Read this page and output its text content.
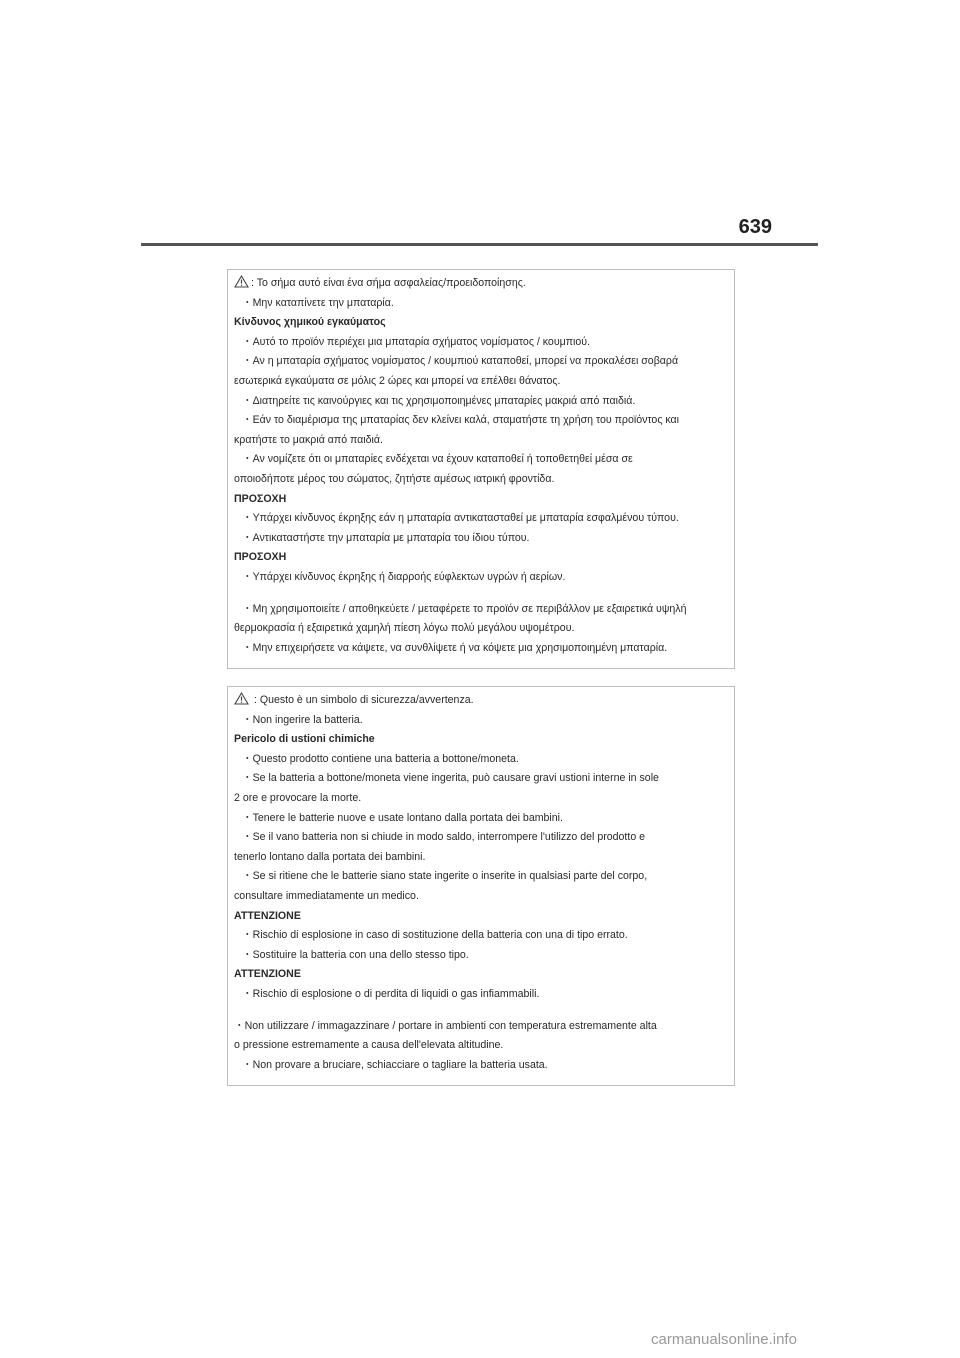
639
: Το σήμα αυτό είναι ένα σήμα ασφαλείας/προειδοποίησης.
・Μην καταπίνετε την μπαταρία.
Κίνδυνος χημικού εγκαύματος
・Αυτό το προϊόν περιέχει μια μπαταρία σχήματος νομίσματος / κουμπιού.
・Αν η μπαταρία σχήματος νομίσματος / κουμπιού καταποθεί, μπορεί να προκαλέσει σοβαρά
εσωτερικά εγκαύματα σε μόλις 2 ώρες και μπορεί να επέλθει θάνατος.
・Διατηρείτε τις καινούργιες και τις χρησιμοποιημένες μπαταρίες μακριά από παιδιά.
・Εάν το διαμέρισμα της μπαταρίας δεν κλείνει καλά, σταματήστε τη χρήση του προϊόντος και
κρατήστε το μακριά από παιδιά.
・Αν νομίζετε ότι οι μπαταρίες ενδέχεται να έχουν καταποθεί ή τοποθετηθεί μέσα σε
οποιοδήποτε μέρος του σώματος, ζητήστε αμέσως ιατρική φροντίδα.
ΠΡΟΣΟΧΗ
・Υπάρχει κίνδυνος έκρηξης εάν η μπαταρία αντικατασταθεί με μπαταρία εσφαλμένου τύπου.
・Αντικαταστήστε την μπαταρία με μπαταρία του ίδιου τύπου.
ΠΡΟΣΟΧΗ
・Υπάρχει κίνδυνος έκρηξης ή διαρροής εύφλεκτων υγρών ή αερίων.
・Μη χρησιμοποιείτε / αποθηκεύετε / μεταφέρετε το προϊόν σε περιβάλλον με εξαιρετικά υψηλή
θερμοκρασία ή εξαιρετικά χαμηλή πίεση λόγω πολύ μεγάλου υψομέτρου.
・Μην επιχειρήσετε να κάψετε, να συνθλίψετε ή να κόψετε μια χρησιμοποιημένη μπαταρία.
: Questo è un simbolo di sicurezza/avvertenza.
・Non ingerire la batteria.
Pericolo di ustioni chimiche
・Questo prodotto contiene una batteria a bottone/moneta.
・Se la batteria a bottone/moneta viene ingerita, può causare gravi ustioni interne in sole
2 ore e provocare la morte.
・Tenere le batterie nuove e usate lontano dalla portata dei bambini.
・Se il vano batteria non si chiude in modo saldo, interrompere l'utilizzo del prodotto e
tenerlo lontano dalla portata dei bambini.
・Se si ritiene che le batterie siano state ingerite o inserite in qualsiasi parte del corpo,
consultare immediatamente un medico.
ATTENZIONE
・Rischio di esplosione in caso di sostituzione della batteria con una di tipo errato.
・Sostituire la batteria con una dello stesso tipo.
ATTENZIONE
・Rischio di esplosione o di perdita di liquidi o gas infiammabili.
・Non utilizzare / immagazzinare / portare in ambienti con temperatura estremamente alta
o pressione estremamente a causa dell'elevata altitudine.
・Non provare a bruciare, schiacciare o tagliare la batteria usata.
carmanualsonline.info
